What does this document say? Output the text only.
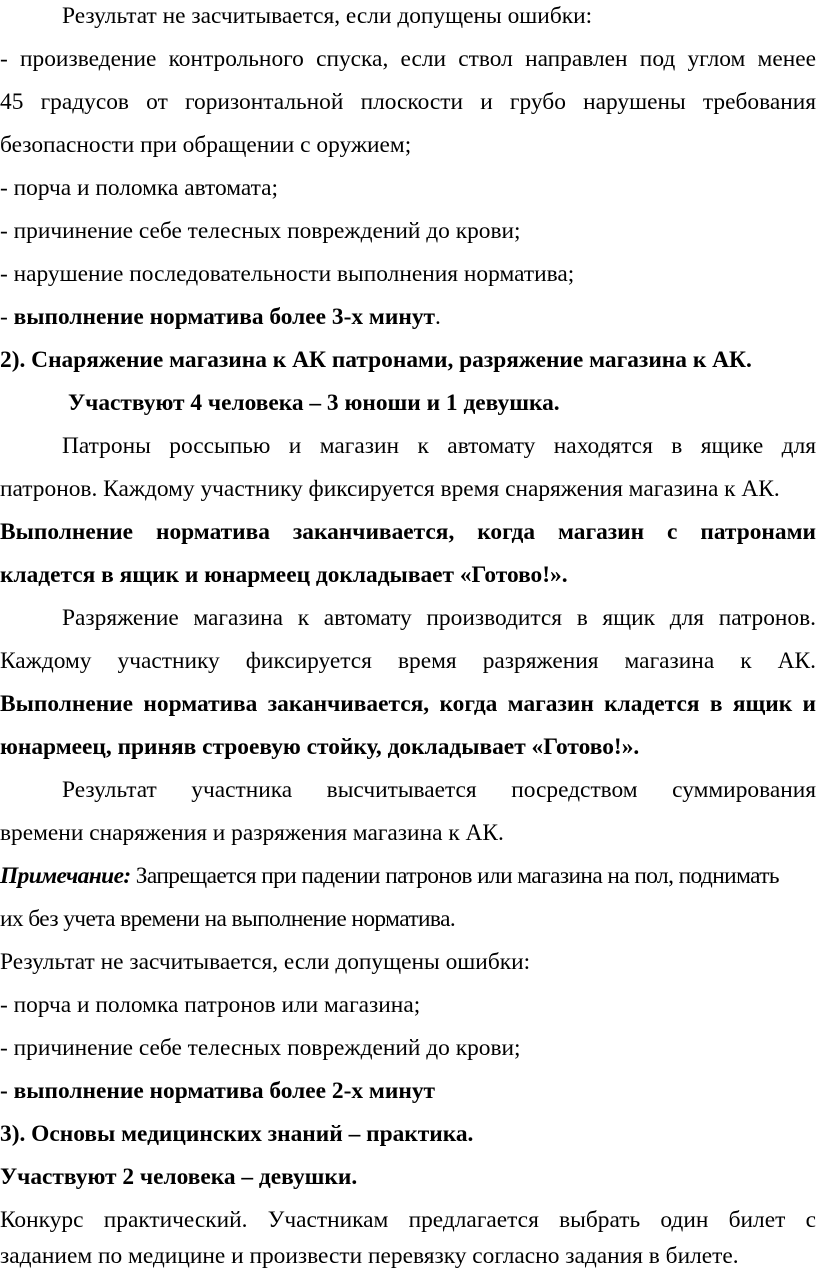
Результат не засчитывается, если допущены ошибки:

- произведение контрольного спуска, если ствол направлен под углом менее

45 градусов от горизонтальной плоскости и грубо нарушены требования

безопасности при обращении с оружием;

- порча и поломка автомата;

- причинение себе телесных повреждений до крови;

- нарушение последовательности выполнения норматива;

- выполнение норматива более 3-х минут.

2). Снаряжение магазина к АК патронами, разряжение магазина к АК.

Участвуют 4 человека – 3 юноши и 1 девушка.

Патроны россыпью и магазин к автомату находятся в ящике для

патронов. Каждому участнику фиксируется время снаряжения магазина к АК.

Выполнение норматива заканчивается, когда магазин с патронами

кладется в ящик и юнармеец докладывает «Готово!».

Разряжение магазина к автомату производится в ящик для патронов.

Каждому участнику фиксируется время разряжения магазина к АК.

Выполнение норматива заканчивается, когда магазин кладется в ящик и

юнармеец, приняв строевую стойку, докладывает «Готово!».

Результат участника высчитывается посредством суммирования

времени снаряжения и разряжения магазина к АК.

Примечание: Запрещается при падении патронов или магазина на пол, поднимать

их без учета времени на выполнение норматива.

Результат не засчитывается, если допущены ошибки:

- порча и поломка патронов или магазина;

- причинение себе телесных повреждений до крови;

- выполнение норматива более 2-х минут

3). Основы медицинских знаний – практика.

Участвуют 2 человека – девушки.

Конкурс практический. Участникам предлагается выбрать один билет с

заданием по медицине и произвести перевязку согласно задания в билете.
